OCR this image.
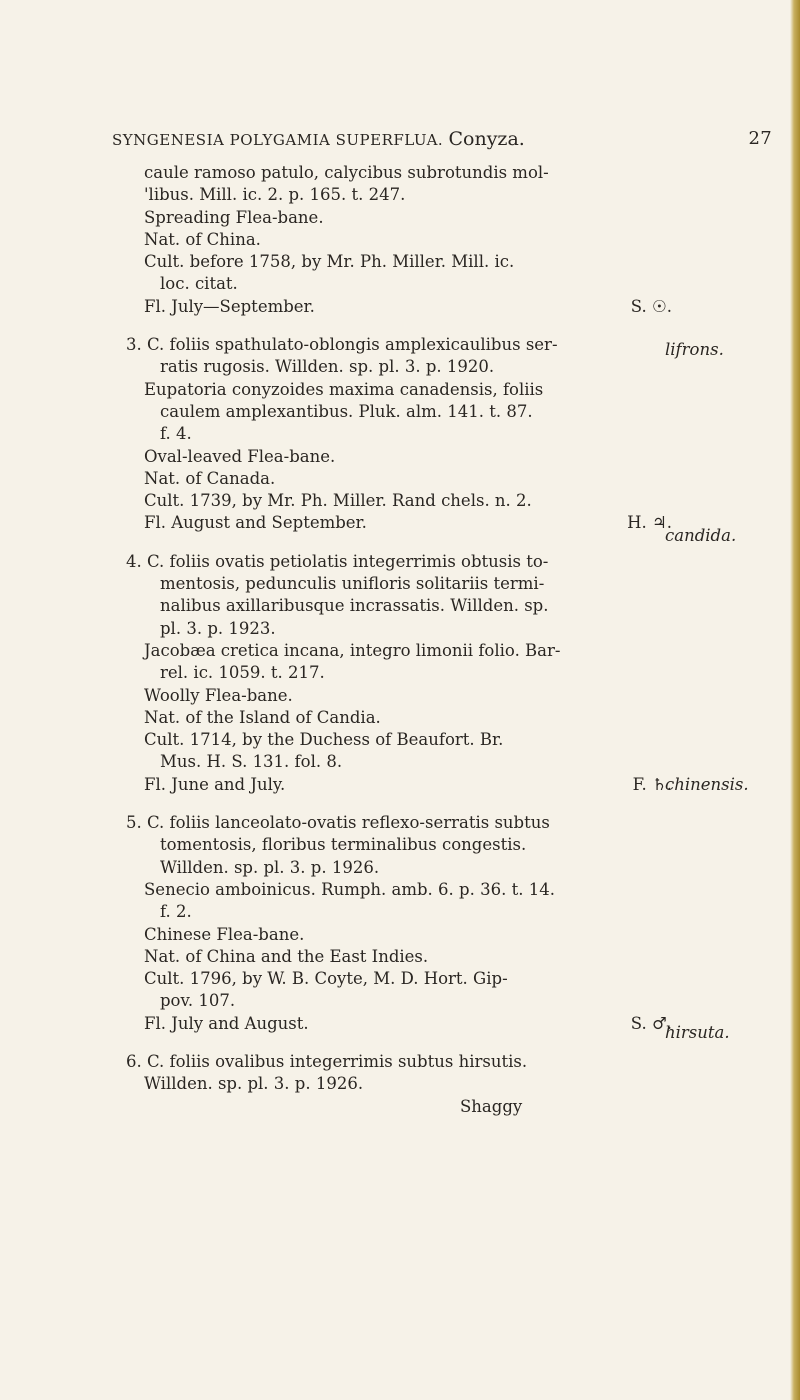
SYNGENESIA POLYGAMIA SUPERFLUA. Conyza.	27
caule ramoso patulo, calycibus subrotundis mol-
'libus. Mill. ic. 2. p. 165. t. 247.
Spreading Flea-bane.
Nat. of China.
Cult. before 1758, by Mr. Ph. Miller. Mill. ic.
loc. citat.
Fl. July—September.	S. ☉.
3. C. foliis spathulato-oblongis amplexicaulibus ser-
ratis rugosis. Willden. sp. pl. 3. p. 1920.
Eupatoria conyzoides maxima canadensis, foliis
caulem amplexantibus. Pluk. alm. 141. t. 87.
f. 4.
Oval-leaved Flea-bane.
Nat. of Canada.
Cult. 1739, by Mr. Ph. Miller. Rand chels. n. 2.
Fl. August and September.	H. ♃.
4. C. foliis ovatis petiolatis integerrimis obtusis to-
mentosis, pedunculis unifloris solitariis termi-
nalibus axillaribusque incrassatis. Willden. sp.
pl. 3. p. 1923.
Jacobæa cretica incana, integro limonii folio. Bar-
rel. ic. 1059. t. 217.
Woolly Flea-bane.
Nat. of the Island of Candia.
Cult. 1714, by the Duchess of Beaufort. Br.
Mus. H. S. 131. fol. 8.
Fl. June and July.	F. ♄.
5. C. foliis lanceolato-ovatis reflexo-serratis subtus
tomentosis, floribus terminalibus congestis.
Willden. sp. pl. 3. p. 1926.
Senecio amboinicus. Rumph. amb. 6. p. 36. t. 14.
f. 2.
Chinese Flea-bane.
Nat. of China and the East Indies.
Cult. 1796, by W. B. Coyte, M. D. Hort. Gip-
pov. 107.
Fl. July and August.	S. ♂.
6. C. foliis ovalibus integerrimis subtus hirsutis.
Willden. sp. pl. 3. p. 1926.
Shaggy
lifrons.
candida.
chinensis.
hirsuta.
